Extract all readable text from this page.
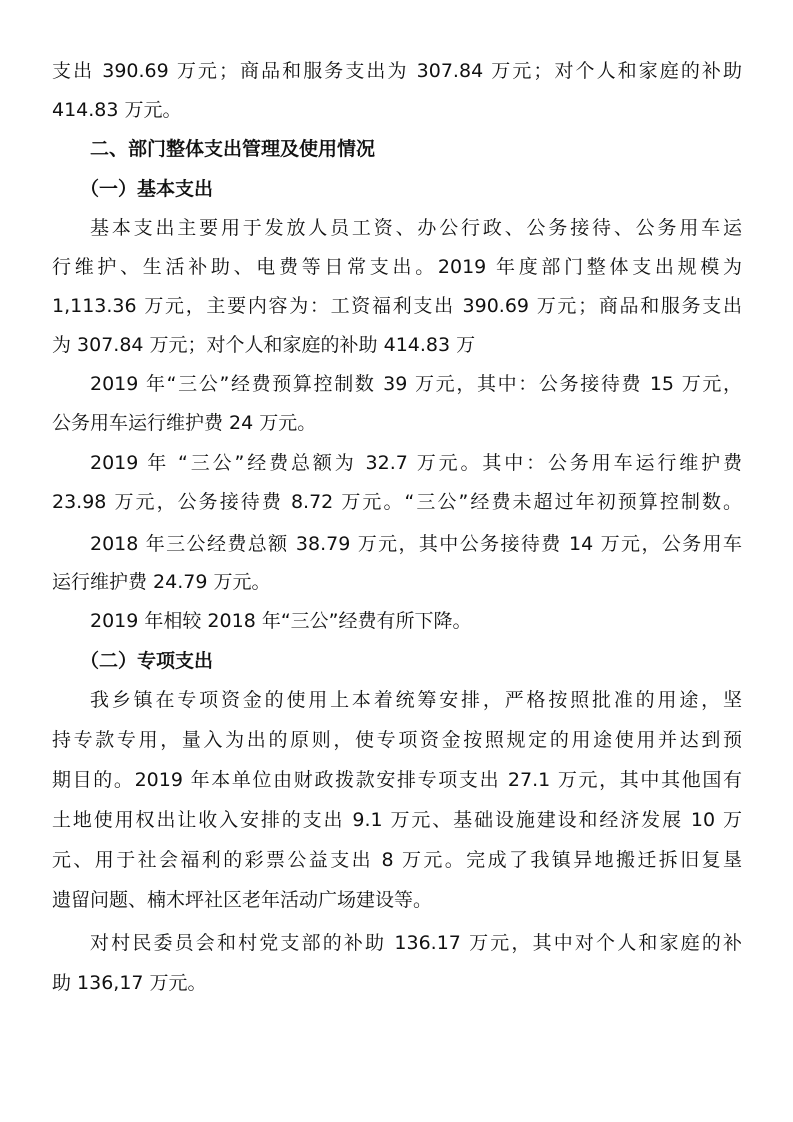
支出 390.69 万元；商品和服务支出为 307.84 万元；对个人和家庭的补助
414.83 万元。
二、部门整体支出管理及使用情况
（一）基本支出
基本支出主要用于发放人员工资、办公行政、公务接待、公务用车运
行维护、生活补助、电费等日常支出。2019 年度部门整体支出规模为
1,113.36 万元，主要内容为：工资福利支出 390.69 万元；商品和服务支出
为 307.84 万元；对个人和家庭的补助 414.83 万
2019 年“三公”经费预算控制数 39 万元，其中：公务接待费 15 万元，
公务用车运行维护费 24 万元。
2019 年 “三公”经费总额为 32.7 万元。其中：公务用车运行维护费
23.98 万元，公务接待费 8.72 万元。“三公”经费未超过年初预算控制数。
2018 年三公经费总额 38.79 万元，其中公务接待费 14 万元，公务用车
运行维护费 24.79 万元。
2019 年相较 2018 年“三公”经费有所下降。
（二）专项支出
我乡镇在专项资金的使用上本着统筹安排，严格按照批准的用途，坚
持专款专用，量入为出的原则，使专项资金按照规定的用途使用并达到预
期目的。2019 年本单位由财政拨款安排专项支出 27.1 万元，其中其他国有
土地使用权出让收入安排的支出 9.1 万元、基础设施建设和经济发展 10 万
元、用于社会福利的彩票公益支出 8 万元。完成了我镇异地搬迁拆旧复垦
遗留问题、楠木坪社区老年活动广场建设等。
对村民委员会和村党支部的补助 136.17 万元，其中对个人和家庭的补
助 136,17 万元。
